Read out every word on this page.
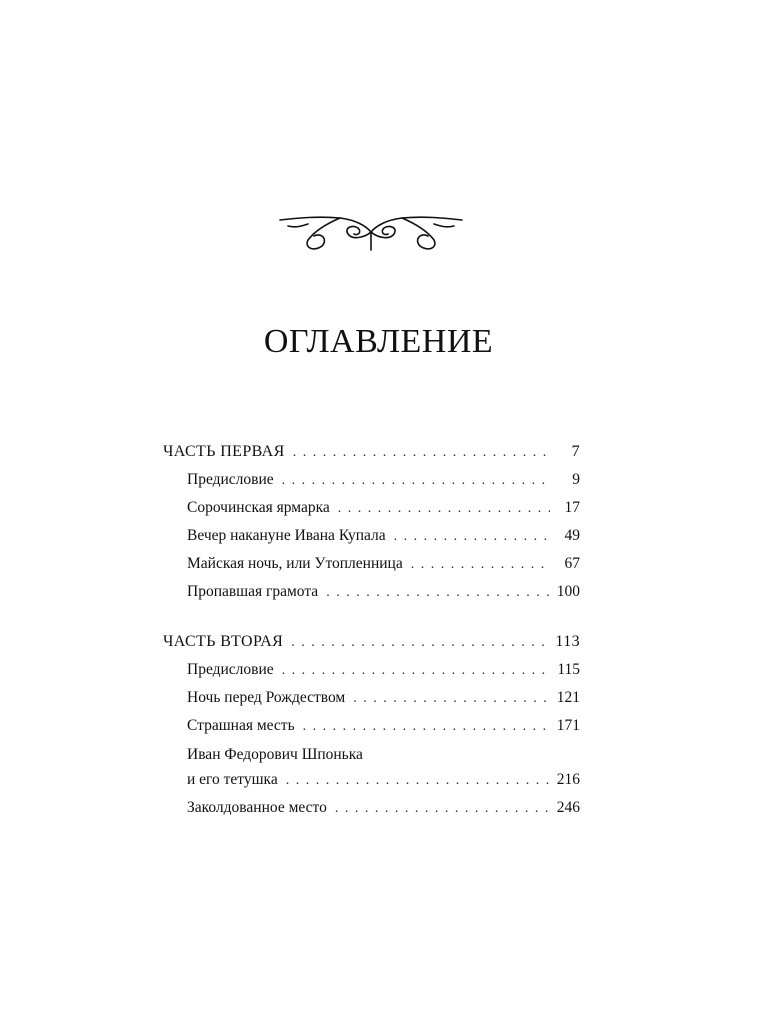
ОГЛАВЛЕНИЕ
ЧАСТЬ ПЕРВАЯ . . .	7
Предисловие . . .	9
Сорочинская ярмарка . . .	17
Вечер накануне Ивана Купала . . .	49
Майская ночь, или Утопленница . . .	67
Пропавшая грамота . . .	100
ЧАСТЬ ВТОРАЯ . . .	113
Предисловие . . .	115
Ночь перед Рождеством . . .	121
Страшная месть . . .	171
Иван Федорович Шпонька
и его тетушка . . .	216
Заколдованное место . . .	246
